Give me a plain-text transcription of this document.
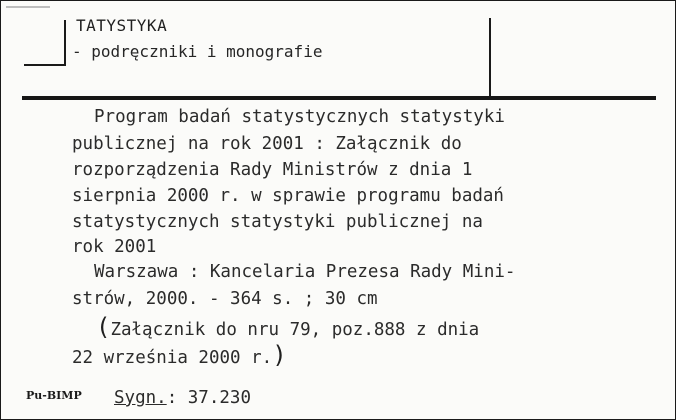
TATYSTYKA
- podręczniki i monografie
Program badań statystycznych statystyki
publicznej na rok 2001 : Załącznik do
rozporządzenia Rady Ministrów z dnia 1
sierpnia 2000 r. w sprawie programu badań
statystycznych statystyki publicznej na
rok 2001
Warszawa : Kancelaria Prezesa Rady Mini-
strów, 2000. - 364 s. ; 30 cm
(Załącznik do nru 79, poz.888 z dnia
22 września 2000 r.)
Pu-BIMP Sygn.: 37.230
